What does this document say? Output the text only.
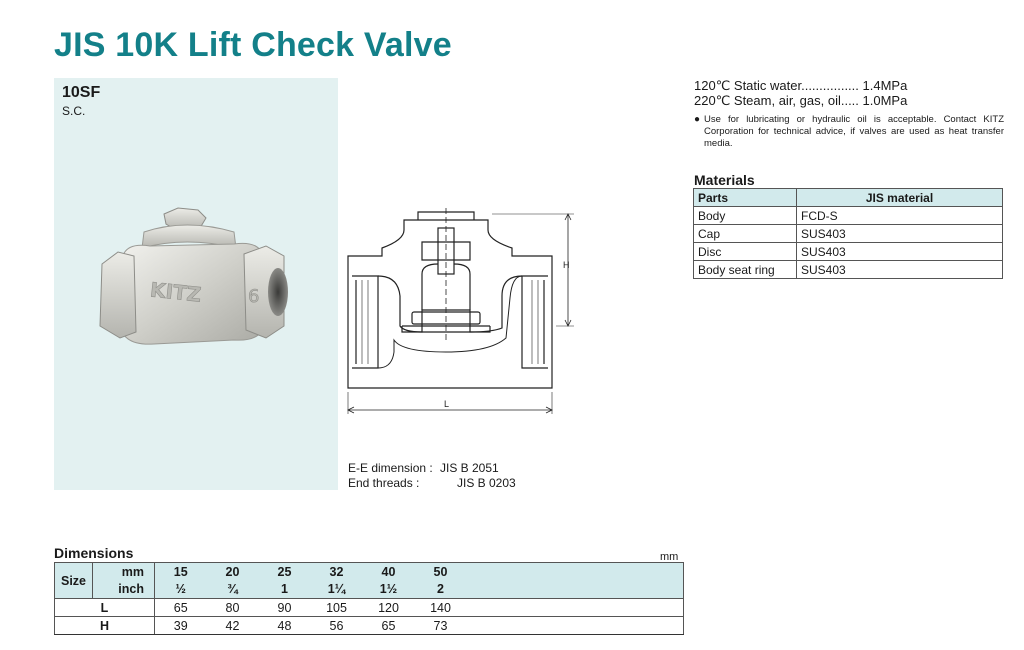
JIS 10K Lift Check Valve
10SF
S.C.
KITZ	6
H
L
E-E dimension : JIS B 2051
End threads :	JIS B 0203
120℃ Static water................ 1.4MPa
220℃ Steam, air, gas, oil..... 1.0MPa
● Use for lubricating or hydraulic oil is acceptable. Contact KITZ Corporation for technical advice, if valves are used as heat transfer media.
Materials
Parts	JIS material
Body	FCD-S
Cap	SUS403
Disc	SUS403
Body seat ring	SUS403
Dimensions	mm
Size	mm	15	20	25	32	40	50	
	inch	½	¾	1	1¼	1½	2	
L		65	80	90	105	120	140	
H		39	42	48	56	65	73	
